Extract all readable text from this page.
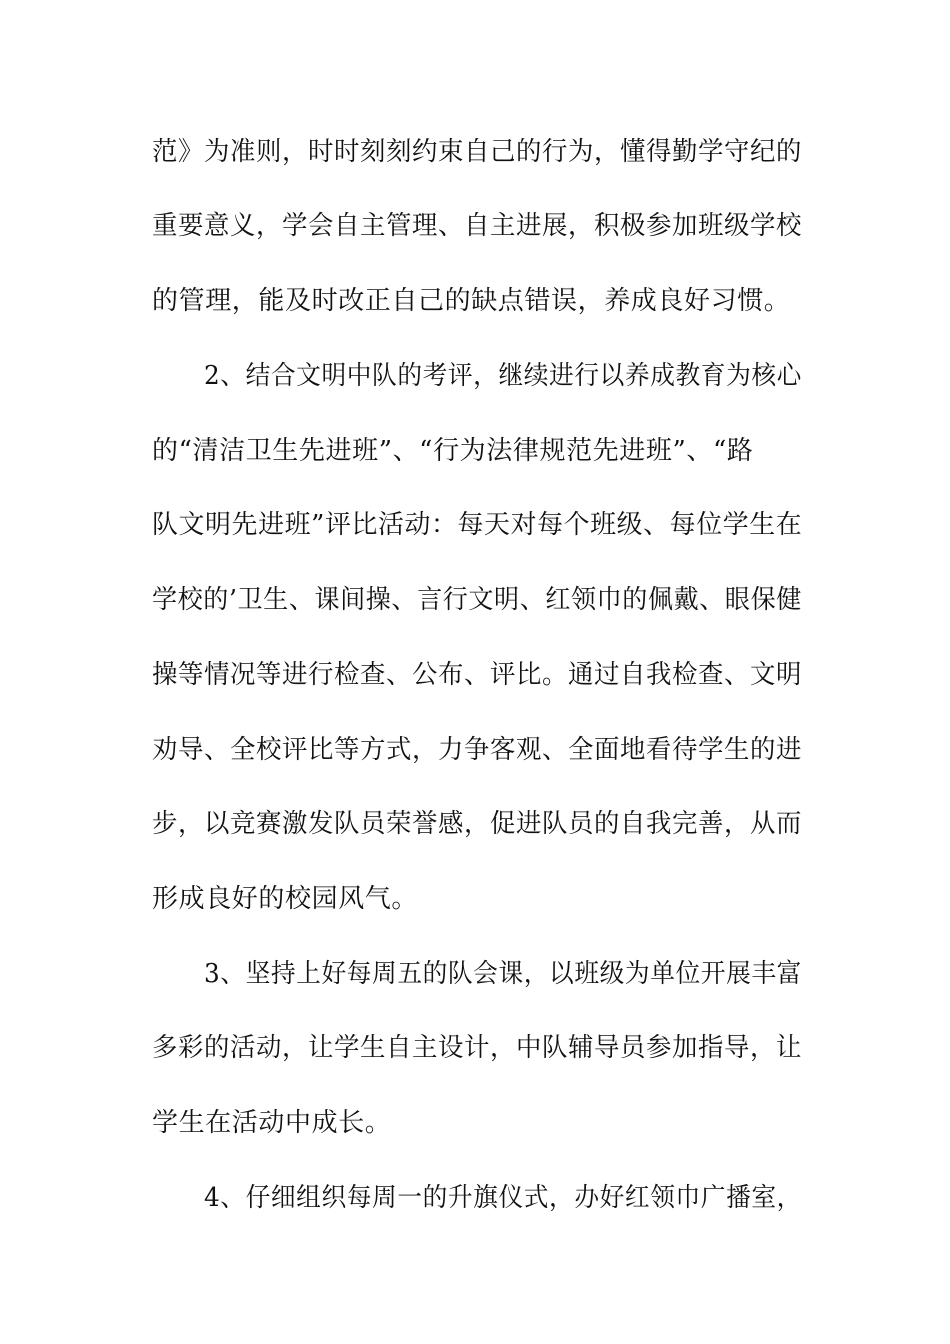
范》为准则，时时刻刻约束自己的行为，懂得勤学守纪的
重要意义，学会自主管理、自主进展，积极参加班级学校
的管理，能及时改正自己的缺点错误，养成良好习惯。
2、结合文明中队的考评，继续进行以养成教育为核心
的“清洁卫生先进班”、“行为法律规范先进班”、“路
队文明先进班”评比活动：每天对每个班级、每位学生在
学校的’卫生、课间操、言行文明、红领巾的佩戴、眼保健
操等情况等进行检查、公布、评比。通过自我检查、文明
劝导、全校评比等方式，力争客观、全面地看待学生的进
步，以竞赛激发队员荣誉感，促进队员的自我完善，从而
形成良好的校园风气。
3、坚持上好每周五的队会课，以班级为单位开展丰富
多彩的活动，让学生自主设计，中队辅导员参加指导，让
学生在活动中成长。
4、仔细组织每周一的升旗仪式，办好红领巾广播室，
